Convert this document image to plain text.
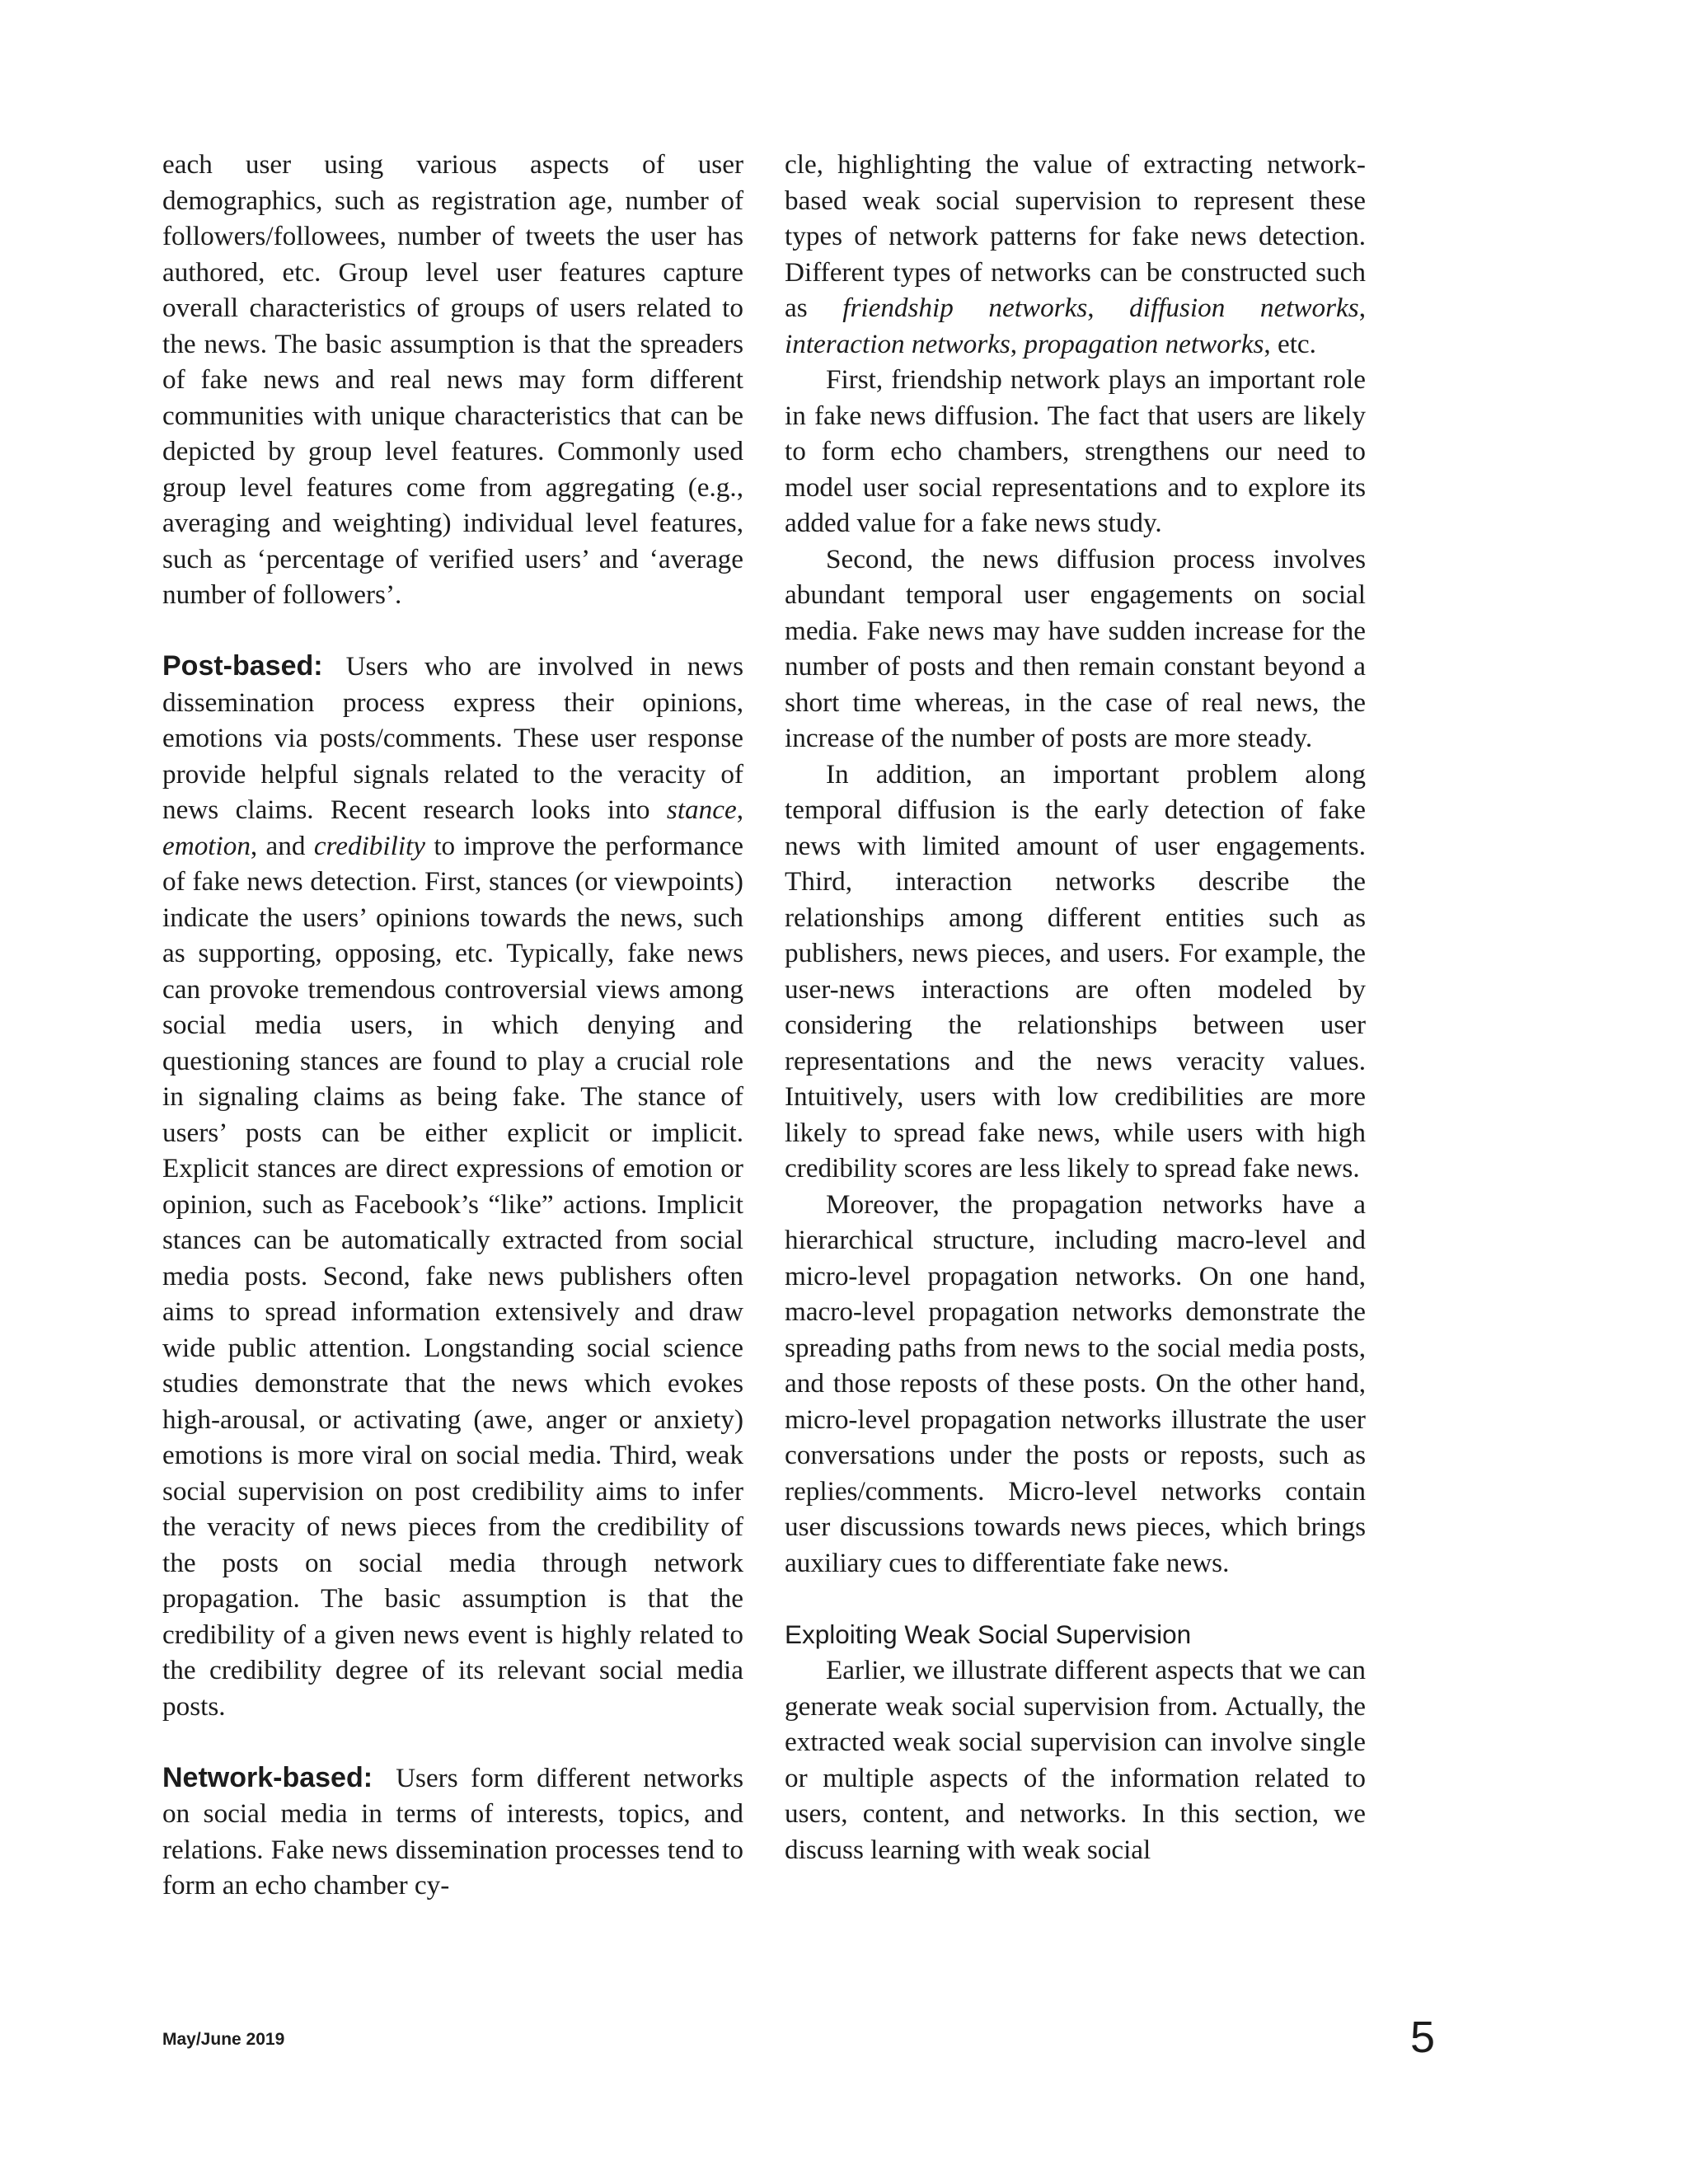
each user using various aspects of user demographics, such as registration age, number of followers/followees, number of tweets the user has authored, etc. Group level user features capture overall characteristics of groups of users related to the news. The basic assumption is that the spreaders of fake news and real news may form different communities with unique characteristics that can be depicted by group level features. Commonly used group level features come from aggregating (e.g., averaging and weighting) individual level features, such as ‘percentage of verified users’ and ‘average number of followers’.

Post-based: Users who are involved in news dissemination process express their opinions, emotions via posts/comments. These user response provide helpful signals related to the veracity of news claims. Recent research looks into stance, emotion, and credibility to improve the performance of fake news detection. First, stances (or viewpoints) indicate the users’ opinions towards the news, such as supporting, opposing, etc. Typically, fake news can provoke tremendous controversial views among social media users, in which denying and questioning stances are found to play a crucial role in signaling claims as being fake. The stance of users’ posts can be either explicit or implicit. Explicit stances are direct expressions of emotion or opinion, such as Facebook’s “like” actions. Implicit stances can be automatically extracted from social media posts. Second, fake news publishers often aims to spread information extensively and draw wide public attention. Longstanding social science studies demonstrate that the news which evokes high-arousal, or activating (awe, anger or anxiety) emotions is more viral on social media. Third, weak social supervision on post credibility aims to infer the veracity of news pieces from the credibility of the posts on social media through network propagation. The basic assumption is that the credibility of a given news event is highly related to the credibility degree of its relevant social media posts.

Network-based: Users form different networks on social media in terms of interests, topics, and relations. Fake news dissemination processes tend to form an echo chamber cy-

cle, highlighting the value of extracting network-based weak social supervision to represent these types of network patterns for fake news detection. Different types of networks can be constructed such as friendship networks, diffusion networks, interaction networks, propagation networks, etc.

First, friendship network plays an important role in fake news diffusion. The fact that users are likely to form echo chambers, strengthens our need to model user social representations and to explore its added value for a fake news study.

Second, the news diffusion process involves abundant temporal user engagements on social media. Fake news may have sudden increase for the number of posts and then remain constant beyond a short time whereas, in the case of real news, the increase of the number of posts are more steady.

In addition, an important problem along temporal diffusion is the early detection of fake news with limited amount of user engagements. Third, interaction networks describe the relationships among different entities such as publishers, news pieces, and users. For example, the user-news interactions are often modeled by considering the relationships between user representations and the news veracity values. Intuitively, users with low credibilities are more likely to spread fake news, while users with high credibility scores are less likely to spread fake news.

Moreover, the propagation networks have a hierarchical structure, including macro-level and micro-level propagation networks. On one hand, macro-level propagation networks demonstrate the spreading paths from news to the social media posts, and those reposts of these posts. On the other hand, micro-level propagation networks illustrate the user conversations under the posts or reposts, such as replies/comments. Micro-level networks contain user discussions towards news pieces, which brings auxiliary cues to differentiate fake news.

Exploiting Weak Social Supervision

Earlier, we illustrate different aspects that we can generate weak social supervision from. Actually, the extracted weak social supervision can involve single or multiple aspects of the information related to users, content, and networks. In this section, we discuss learning with weak social

May/June 2019	5
